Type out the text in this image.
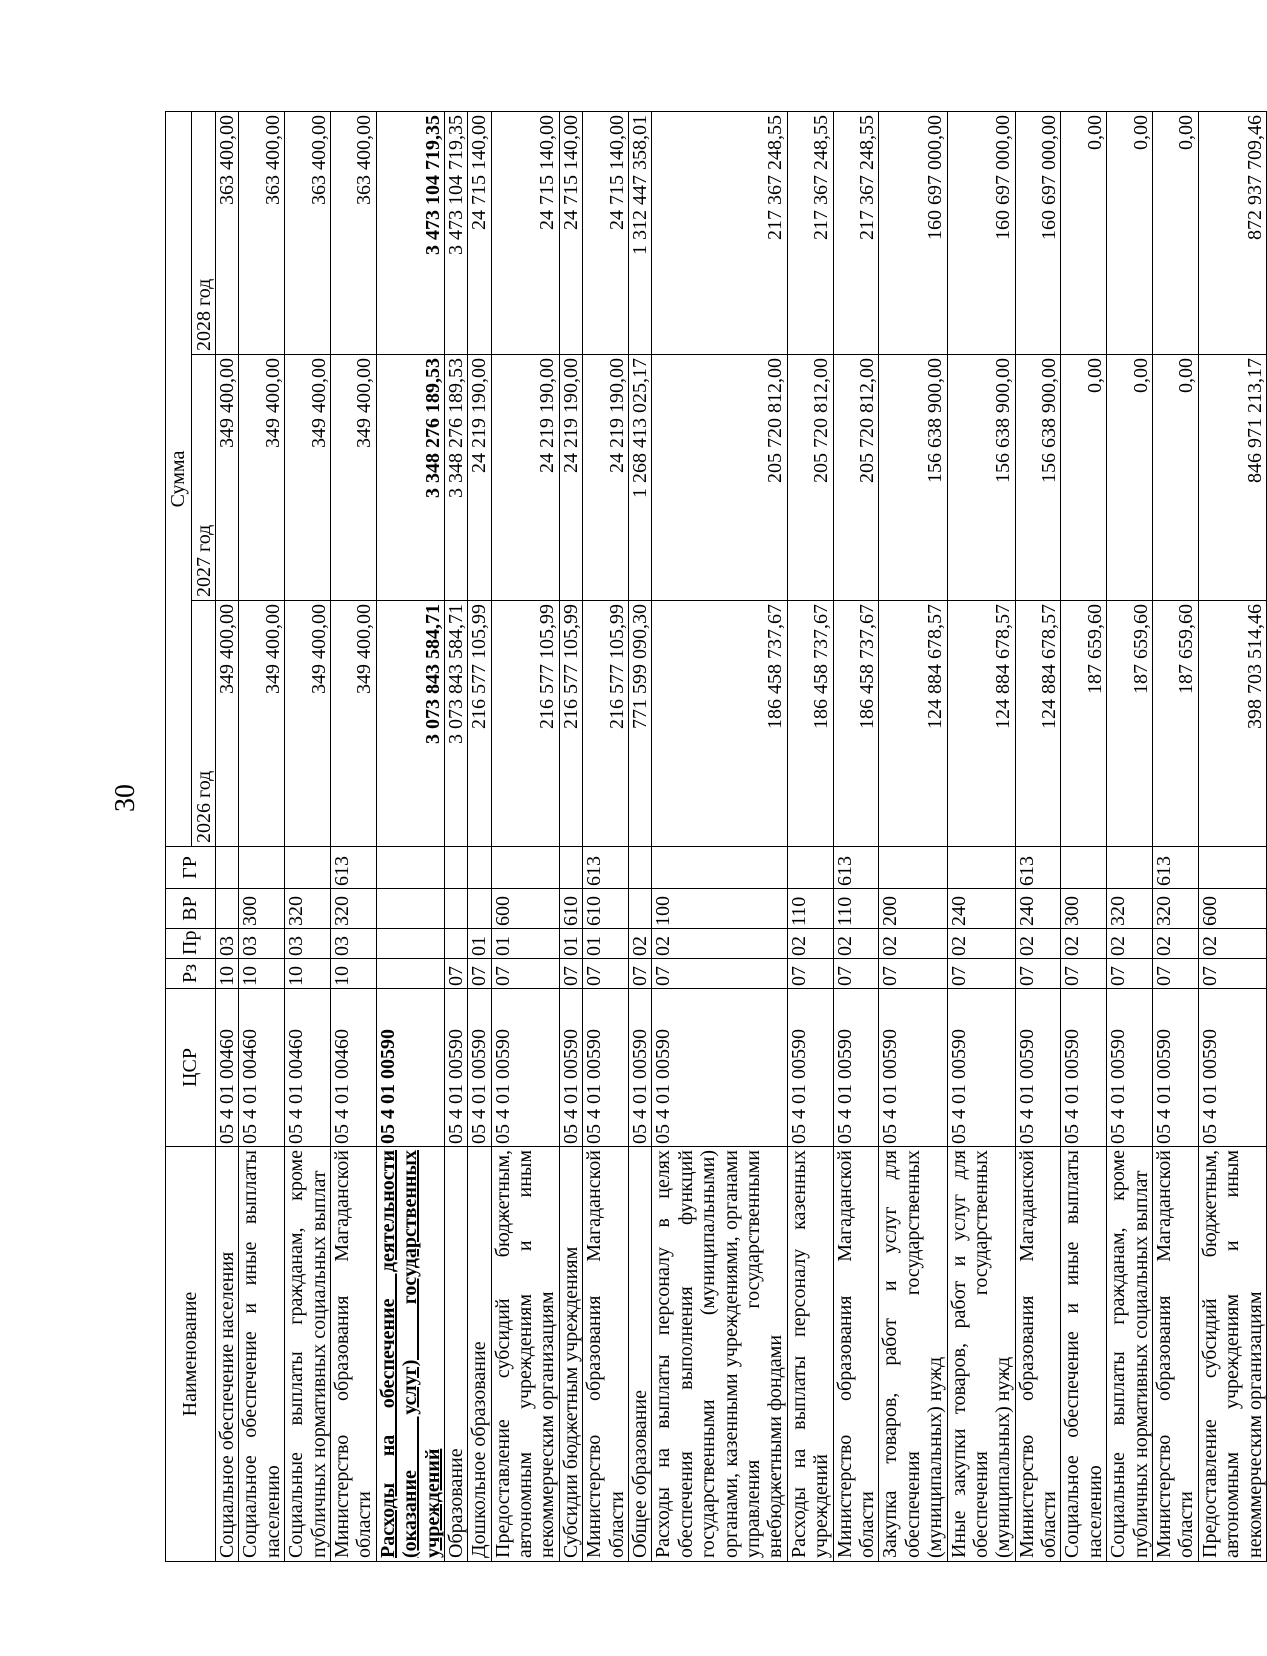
30
Наименование	ЦСР	Рз	Пр	ВР	ГР	Сумма		
						2026 год	2027 год	2028 год
Социальное обеспечение населения	05 4 01 00460	10	03			349 400,00	349 400,00	363 400,00
Социальное обеспечение и иные выплаты населению	05 4 01 00460	10	03	300		349 400,00	349 400,00	363 400,00
Социальные выплаты гражданам, кроме публичных нормативных социальных выплат	05 4 01 00460	10	03	320		349 400,00	349 400,00	363 400,00
Министерство образования Магаданской области	05 4 01 00460	10	03	320	613	349 400,00	349 400,00	363 400,00
Расходы на обеспечение деятельности (оказание услуг) государственных учреждений	05 4 01 00590					3 073 843 584,71	3 348 276 189,53	3 473 104 719,35
Образование	05 4 01 00590	07				3 073 843 584,71	3 348 276 189,53	3 473 104 719,35
Дошкольное образование	05 4 01 00590	07	01			216 577 105,99	24 219 190,00	24 715 140,00
Предоставление субсидий бюджетным, автономным учреждениям и иным некоммерческим организациям	05 4 01 00590	07	01	600		216 577 105,99	24 219 190,00	24 715 140,00
Субсидии бюджетным учреждениям	05 4 01 00590	07	01	610		216 577 105,99	24 219 190,00	24 715 140,00
Министерство образования Магаданской области	05 4 01 00590	07	01	610	613	216 577 105,99	24 219 190,00	24 715 140,00
Общее образование	05 4 01 00590	07	02			771 599 090,30	1 268 413 025,17	1 312 447 358,01
Расходы на выплаты персоналу в целях обеспечения выполнения функций государственными (муниципальными) органами, казенными учреждениями, органами управления государственными внебюджетными фондами	05 4 01 00590	07	02	100		186 458 737,67	205 720 812,00	217 367 248,55
Расходы на выплаты персоналу казенных учреждений	05 4 01 00590	07	02	110		186 458 737,67	205 720 812,00	217 367 248,55
Министерство образования Магаданской области	05 4 01 00590	07	02	110	613	186 458 737,67	205 720 812,00	217 367 248,55
Закупка товаров, работ и услуг для обеспечения государственных (муниципальных) нужд	05 4 01 00590	07	02	200		124 884 678,57	156 638 900,00	160 697 000,00
Иные закупки товаров, работ и услуг для обеспечения государственных (муниципальных) нужд	05 4 01 00590	07	02	240		124 884 678,57	156 638 900,00	160 697 000,00
Министерство образования Магаданской области	05 4 01 00590	07	02	240	613	124 884 678,57	156 638 900,00	160 697 000,00
Социальное обеспечение и иные выплаты населению	05 4 01 00590	07	02	300		187 659,60	0,00	0,00
Социальные выплаты гражданам, кроме публичных нормативных социальных выплат	05 4 01 00590	07	02	320		187 659,60	0,00	0,00
Министерство образования Магаданской области	05 4 01 00590	07	02	320	613	187 659,60	0,00	0,00
Предоставление субсидий бюджетным, автономным учреждениям и иным некоммерческим организациям	05 4 01 00590	07	02	600		398 703 514,46	846 971 213,17	872 937 709,46
